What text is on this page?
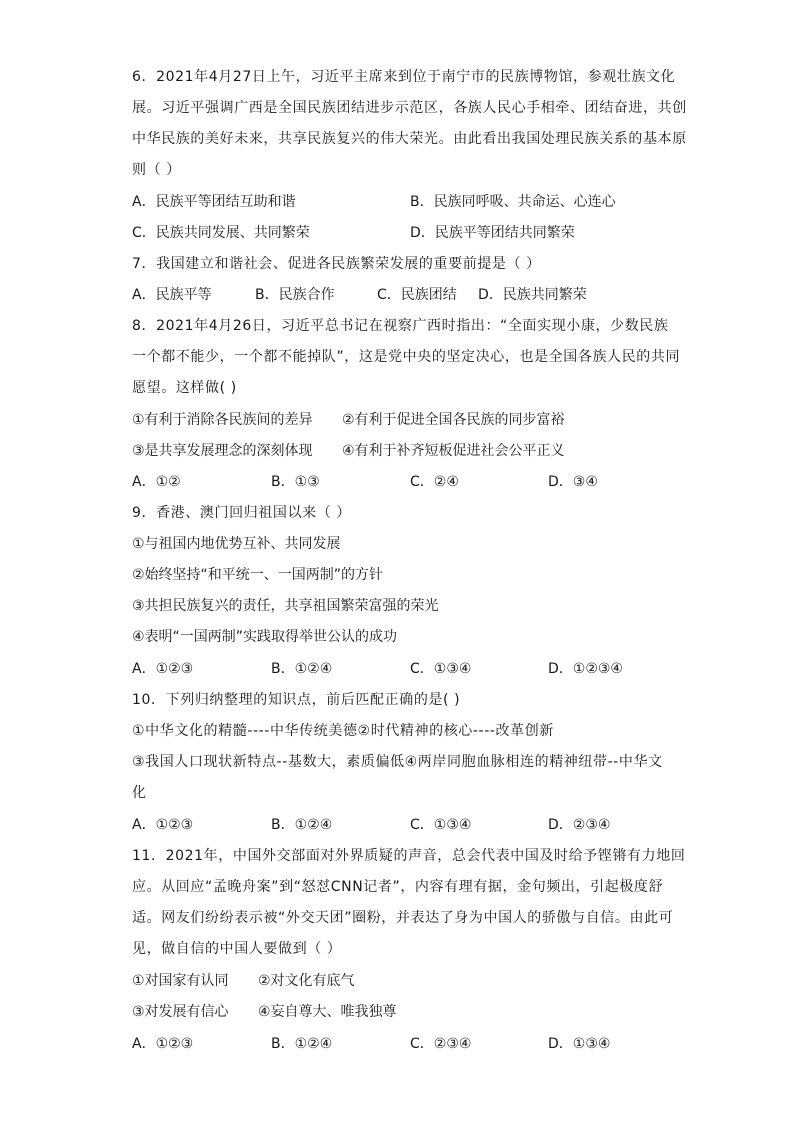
6．2021年4月27日上午，习近平主席来到位于南宁市的民族博物馆，参观壮族文化
展。习近平强调广西是全国民族团结进步示范区，各族人民心手相牵、团结奋进，共创
中华民族的美好未来，共享民族复兴的伟大荣光。由此看出我国处理民族关系的基本原
则（ ）
A．民族平等团结互助和谐	B．民族同呼吸、共命运、心连心
C．民族共同发展、共同繁荣	D．民族平等团结共同繁荣
7．我国建立和谐社会、促进各民族繁荣发展的重要前提是（ ）
A．民族平等	B．民族合作	C．民族团结 D．民族共同繁荣
8．2021年4月26日，习近平总书记在视察广西时指出：“全面实现小康，少数民族
一个都不能少，一个都不能掉队”，这是党中央的坚定决心，也是全国各族人民的共同
愿望。这样做( )
①有利于消除各民族间的差异 ②有利于促进全国各民族的同步富裕
③是共享发展理念的深刻体现 ④有利于补齐短板促进社会公平正义
A．①②	B．①③	C．②④	D．③④
9．香港、澳门回归祖国以来（ ）
①与祖国内地优势互补、共同发展
②始终坚持“和平统一、一国两制”的方针
③共担民族复兴的责任，共享祖国繁荣富强的荣光
④表明“一国两制”实践取得举世公认的成功
A．①②③	B．①②④	C．①③④	D．①②③④
10．下列归纳整理的知识点，前后匹配正确的是( )
①中华文化的精髓----中华传统美德②时代精神的核心----改革创新
③我国人口现状新特点--基数大，素质偏低④两岸同胞血脉相连的精神纽带--中华文
化
A．①②③	B．①②④	C．①③④	D．②③④
11．2021年，中国外交部面对外界质疑的声音，总会代表中国及时给予铿锵有力地回
应。从回应“孟晚舟案”到“怒怼CNN记者”，内容有理有据，金句频出，引起极度舒
适。网友们纷纷表示被“外交天团”圈粉，并表达了身为中国人的骄傲与自信。由此可
见，做自信的中国人要做到（ ）
①对国家有认同 ②对文化有底气
③对发展有信心 ④妄自尊大、唯我独尊
A．①②③	B．①②④	C．②③④	D．①③④
